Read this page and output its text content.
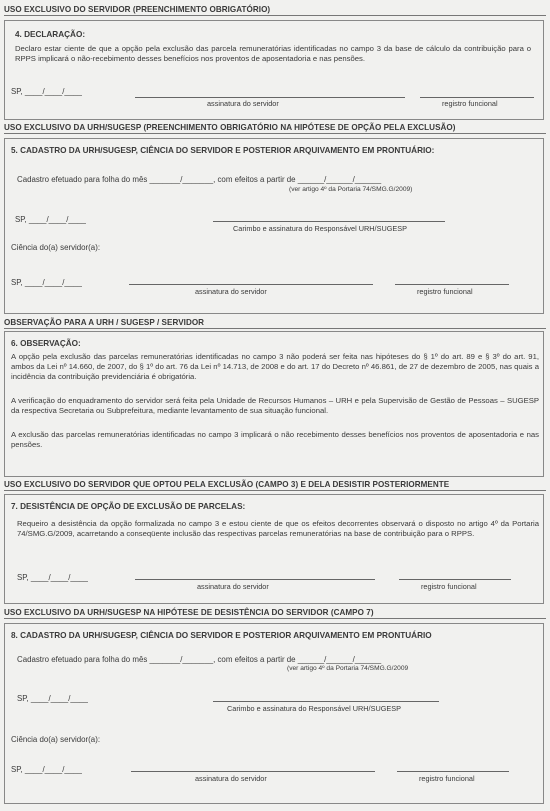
USO EXCLUSIVO DO SERVIDOR (PREENCHIMENTO OBRIGATÓRIO)
4. DECLARAÇÃO:
Declaro estar ciente de que a opção pela exclusão das parcela remuneratórias identificadas no campo 3 da base de cálculo da contribuição para o RPPS implicará o não-recebimento desses benefícios nos proventos de aposentadoria e nas pensões.
SP, ____/____/____
assinatura do servidor	registro funcional
USO EXCLUSIVO DA URH/SUGESP (PREENCHIMENTO OBRIGATÓRIO NA HIPÓTESE DE OPÇÃO PELA EXCLUSÃO)
5. CADASTRO DA URH/SUGESP, CIÊNCIA DO SERVIDOR E POSTERIOR ARQUIVAMENTO EM PRONTUÁRIO:
Cadastro efetuado para folha do mês _______/_______, com efeitos a partir de ______/______/______
(ver artigo 4º da Portaria 74/SMG.G/2009)
SP, ____/____/____
Carimbo e assinatura do Responsável URH/SUGESP
Ciência do(a) servidor(a):
SP, ____/____/____
assinatura do servidor	registro funcional
OBSERVAÇÃO PARA A URH / SUGESP / SERVIDOR
6. OBSERVAÇÃO:
A opção pela exclusão das parcelas remuneratórias identificadas no campo 3 não poderá ser feita nas hipóteses do § 1º do art. 89 e § 3º do art. 91, ambos da Lei nº 14.660, de 2007, do § 1º do art. 76 da Lei nº 14.713, de 2008 e do art. 17 do Decreto nº 46.861, de 27 de dezembro de 2005, nas quais a incidência da contribuição previdenciária é obrigatória.
A verificação do enquadramento do servidor será feita pela Unidade de Recursos Humanos – URH e pela Supervisão de Gestão de Pessoas – SUGESP da respectiva Secretaria ou Subprefeitura, mediante levantamento de sua situação funcional.
A exclusão das parcelas remuneratórias identificadas no campo 3 implicará o não recebimento desses benefícios nos proventos de aposentadoria e nas pensões.
USO EXCLUSIVO DO SERVIDOR QUE OPTOU PELA EXCLUSÃO (CAMPO 3) E DELA DESISTIR POSTERIORMENTE
7. DESISTÊNCIA DE OPÇÃO DE EXCLUSÃO DE PARCELAS:
Requeiro a desistência da opção formalizada no campo 3 e estou ciente de que os efeitos decorrentes observará o disposto no artigo 4º da Portaria 74/SMG.G/2009, acarretando a conseqüente inclusão das respectivas parcelas remuneratórias na base de contribuição para o RPPS.
SP, ____/____/____
assinatura do servidor	registro funcional
USO EXCLUSIVO DA URH/SUGESP NA HIPÓTESE DE DESISTÊNCIA DO SERVIDOR (CAMPO 7)
8. CADASTRO DA URH/SUGESP, CIÊNCIA DO SERVIDOR E POSTERIOR ARQUIVAMENTO EM PRONTUÁRIO
Cadastro efetuado para folha do mês _______/_______, com efeitos a partir de ______/______/______
(ver artigo 4º da Portaria 74/SMG.G/2009
SP, ____/____/____
Carimbo e assinatura do Responsável URH/SUGESP
Ciência do(a) servidor(a):
SP, ____/____/____
assinatura do servidor	registro funcional
